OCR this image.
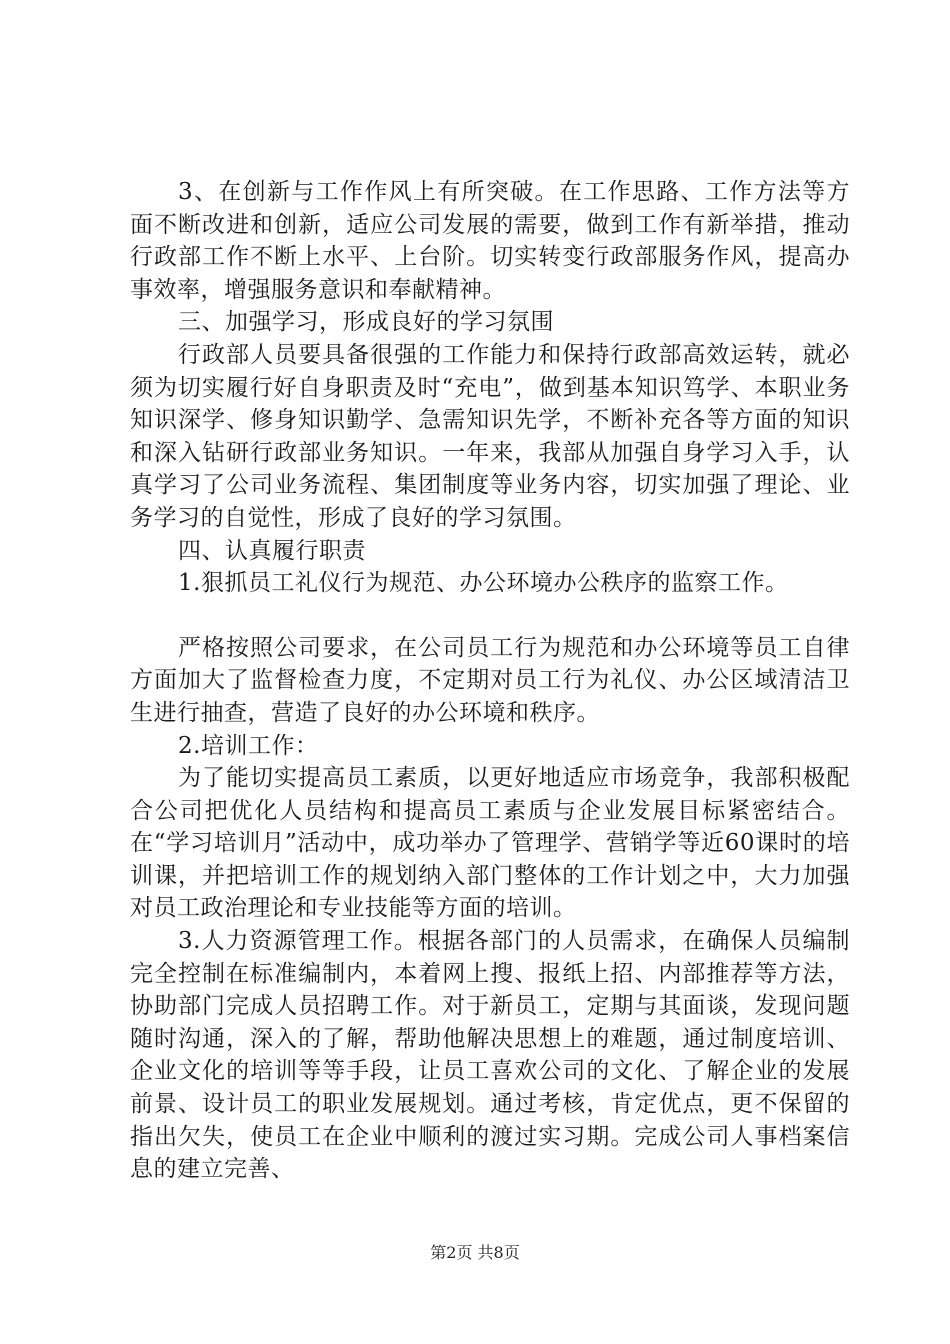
3、在创新与工作作风上有所突破。在工作思路、工作方法等方面不断改进和创新，适应公司发展的需要，做到工作有新举措，推动行政部工作不断上水平、上台阶。切实转变行政部服务作风，提高办事效率，增强服务意识和奉献精神。

三、加强学习，形成良好的学习氛围

行政部人员要具备很强的工作能力和保持行政部高效运转，就必须为切实履行好自身职责及时“充电”，做到基本知识笃学、本职业务知识深学、修身知识勤学、急需知识先学，不断补充各等方面的知识和深入钻研行政部业务知识。一年来，我部从加强自身学习入手，认真学习了公司业务流程、集团制度等业务内容，切实加强了理论、业务学习的自觉性，形成了良好的学习氛围。

四、认真履行职责

1.狠抓员工礼仪行为规范、办公环境办公秩序的监察工作。

严格按照公司要求，在公司员工行为规范和办公环境等员工自律方面加大了监督检查力度，不定期对员工行为礼仪、办公区域清洁卫生进行抽查，营造了良好的办公环境和秩序。

2.培训工作：

为了能切实提高员工素质，以更好地适应市场竞争，我部积极配合公司把优化人员结构和提高员工素质与企业发展目标紧密结合。在“学习培训月”活动中，成功举办了管理学、营销学等近60课时的培训课，并把培训工作的规划纳入部门整体的工作计划之中，大力加强对员工政治理论和专业技能等方面的培训。

3.人力资源管理工作。根据各部门的人员需求，在确保人员编制完全控制在标准编制内，本着网上搜、报纸上招、内部推荐等方法，协助部门完成人员招聘工作。对于新员工，定期与其面谈，发现问题随时沟通，深入的了解，帮助他解决思想上的难题，通过制度培训、企业文化的培训等等手段，让员工喜欢公司的文化、了解企业的发展前景、设计员工的职业发展规划。通过考核，肯定优点，更不保留的指出欠失，使员工在企业中顺利的渡过实习期。完成公司人事档案信息的建立完善、

第2页 共8页
